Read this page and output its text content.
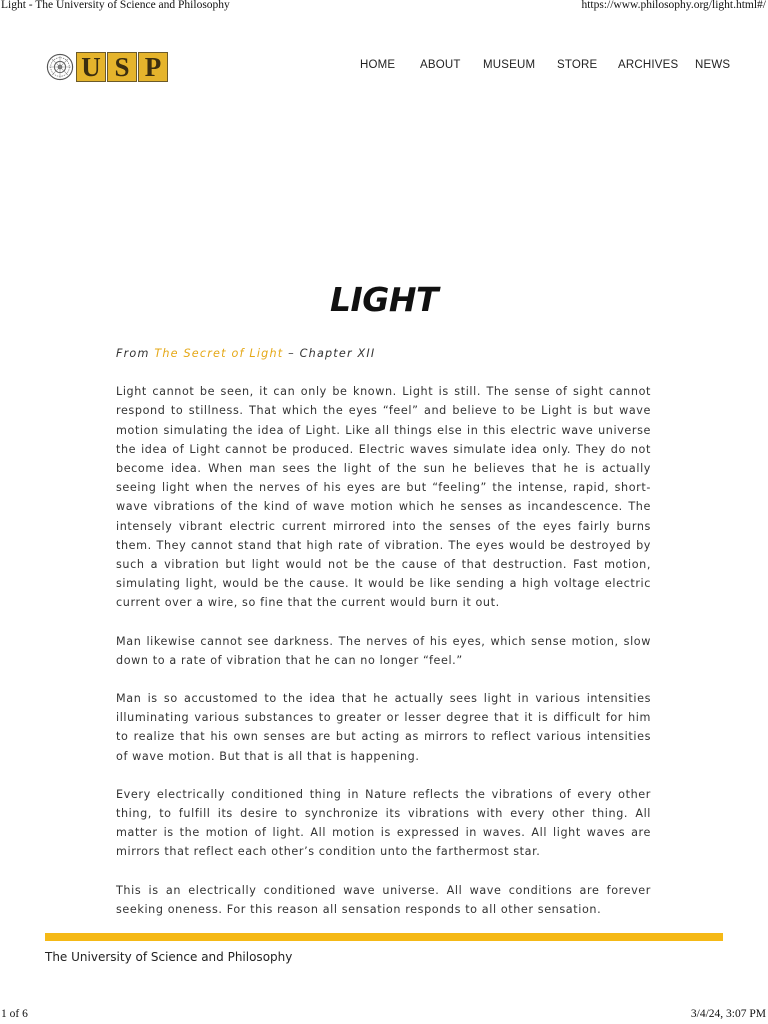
Light - The University of Science and Philosophy	https://www.philosophy.org/light.html#/
U S P	HOME ABOUT MUSEUM STORE ARCHIVES NEWS
LIGHT

From The Secret of Light – Chapter XII

Light cannot be seen, it can only be known. Light is still. The sense of sight cannot respond to stillness. That which the eyes “feel” and believe to be Light is but wave motion simulating the idea of Light. Like all things else in this electric wave universe the idea of Light cannot be produced. Electric waves simulate idea only. They do not become idea. When man sees the light of the sun he believes that he is actually seeing light when the nerves of his eyes are but “feeling” the intense, rapid, short- wave vibrations of the kind of wave motion which he senses as incandescence. The intensely vibrant electric current mirrored into the senses of the eyes fairly burns them. They cannot stand that high rate of vibration. The eyes would be destroyed by such a vibration but light would not be the cause of that destruction. Fast motion, simulating light, would be the cause. It would be like sending a high voltage electric current over a wire, so fine that the current would burn it out.

Man likewise cannot see darkness. The nerves of his eyes, which sense motion, slow down to a rate of vibration that he can no longer “feel.”

Man is so accustomed to the idea that he actually sees light in various intensities illuminating various substances to greater or lesser degree that it is difficult for him to realize that his own senses are but acting as mirrors to reflect various intensities of wave motion. But that is all that is happening.

Every electrically conditioned thing in Nature reflects the vibrations of every other thing, to fulfill its desire to synchronize its vibrations with every other thing. All matter is the motion of light. All motion is expressed in waves. All light waves are mirrors that reflect each other’s condition unto the farthermost star.

This is an electrically conditioned wave universe. All wave conditions are forever seeking oneness. For this reason all sensation responds to all other sensation.

The University of Science and Philosophy
1 of 6	3/4/24, 3:07 PM
